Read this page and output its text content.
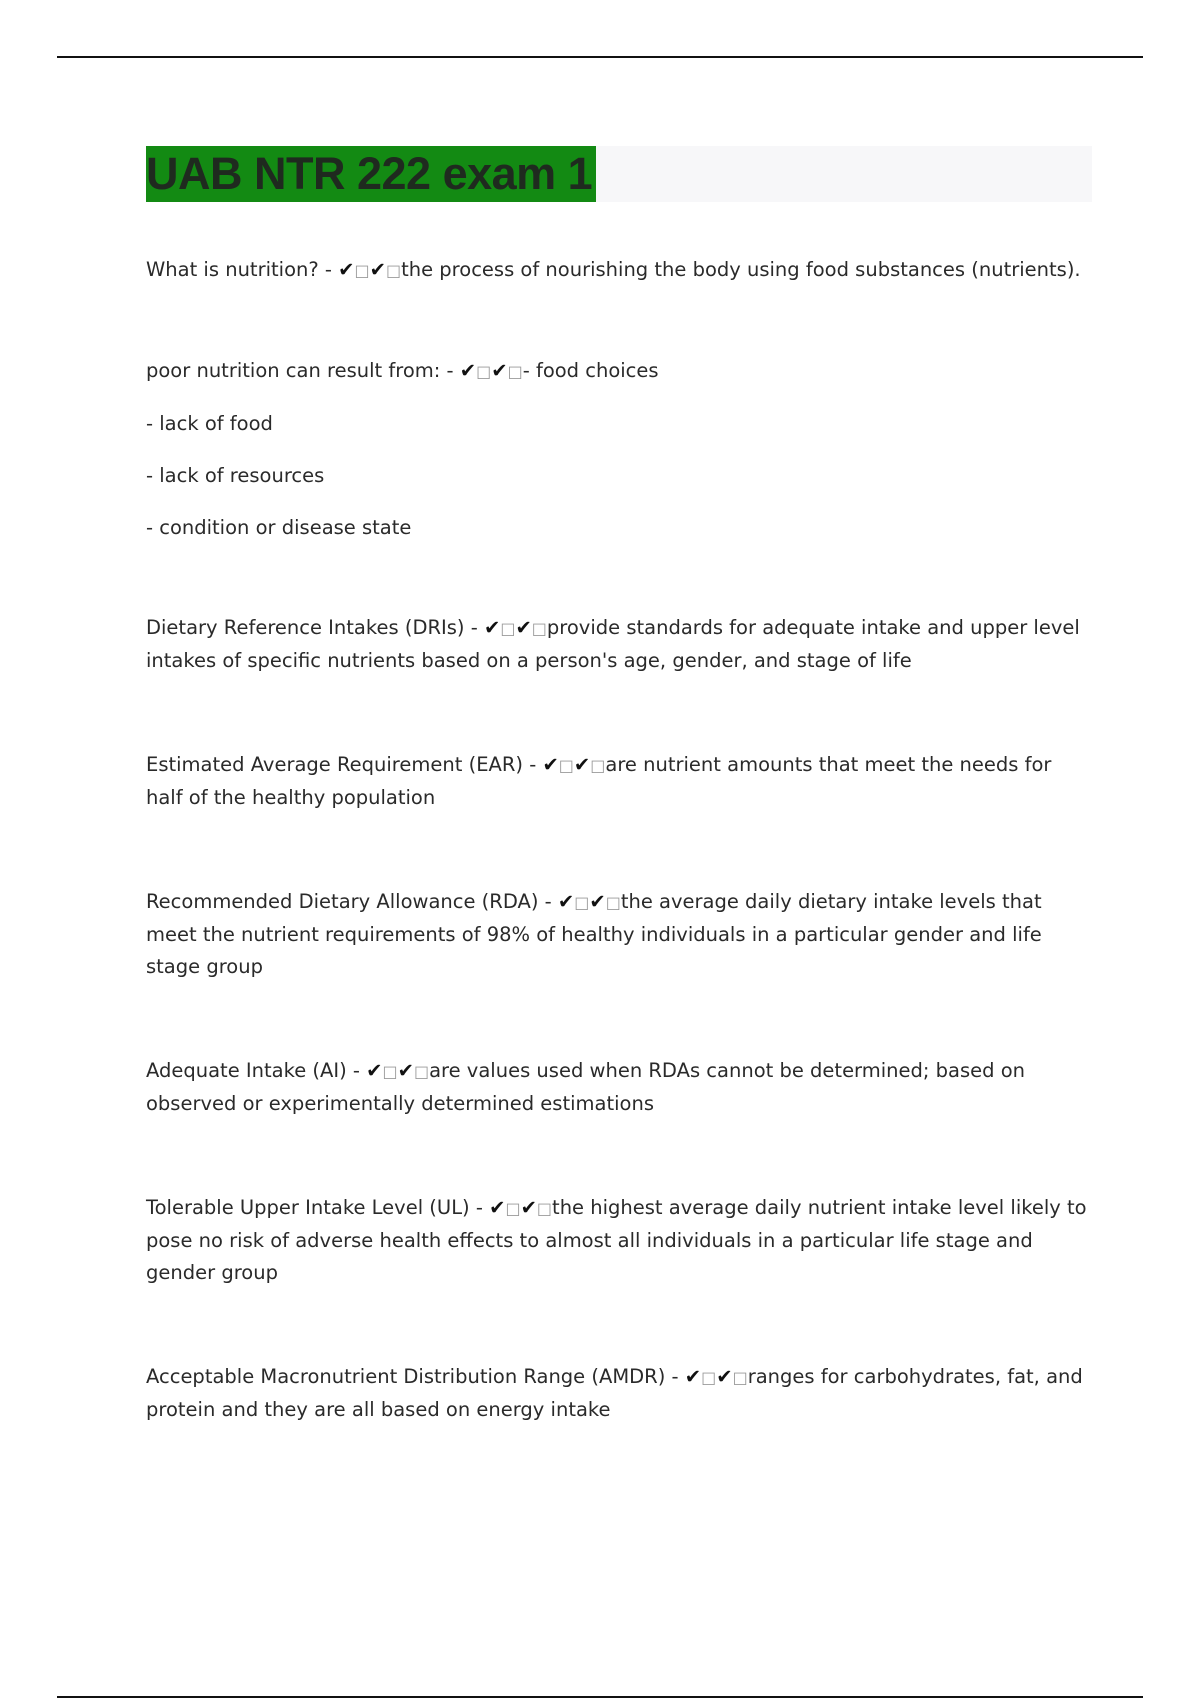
UAB NTR 222 exam 1
What is nutrition? - ✔□✔□the process of nourishing the body using food substances (nutrients).
poor nutrition can result from: - ✔□✔□- food choices
- lack of food
- lack of resources
- condition or disease state
Dietary Reference Intakes (DRIs) - ✔□✔□provide standards for adequate intake and upper level intakes of specific nutrients based on a person's age, gender, and stage of life
Estimated Average Requirement (EAR) - ✔□✔□are nutrient amounts that meet the needs for half of the healthy population
Recommended Dietary Allowance (RDA) - ✔□✔□the average daily dietary intake levels that meet the nutrient requirements of 98% of healthy individuals in a particular gender and life stage group
Adequate Intake (AI) - ✔□✔□are values used when RDAs cannot be determined; based on observed or experimentally determined estimations
Tolerable Upper Intake Level (UL) - ✔□✔□the highest average daily nutrient intake level likely to pose no risk of adverse health effects to almost all individuals in a particular life stage and gender group
Acceptable Macronutrient Distribution Range (AMDR) - ✔□✔□ranges for carbohydrates, fat, and protein and they are all based on energy intake
